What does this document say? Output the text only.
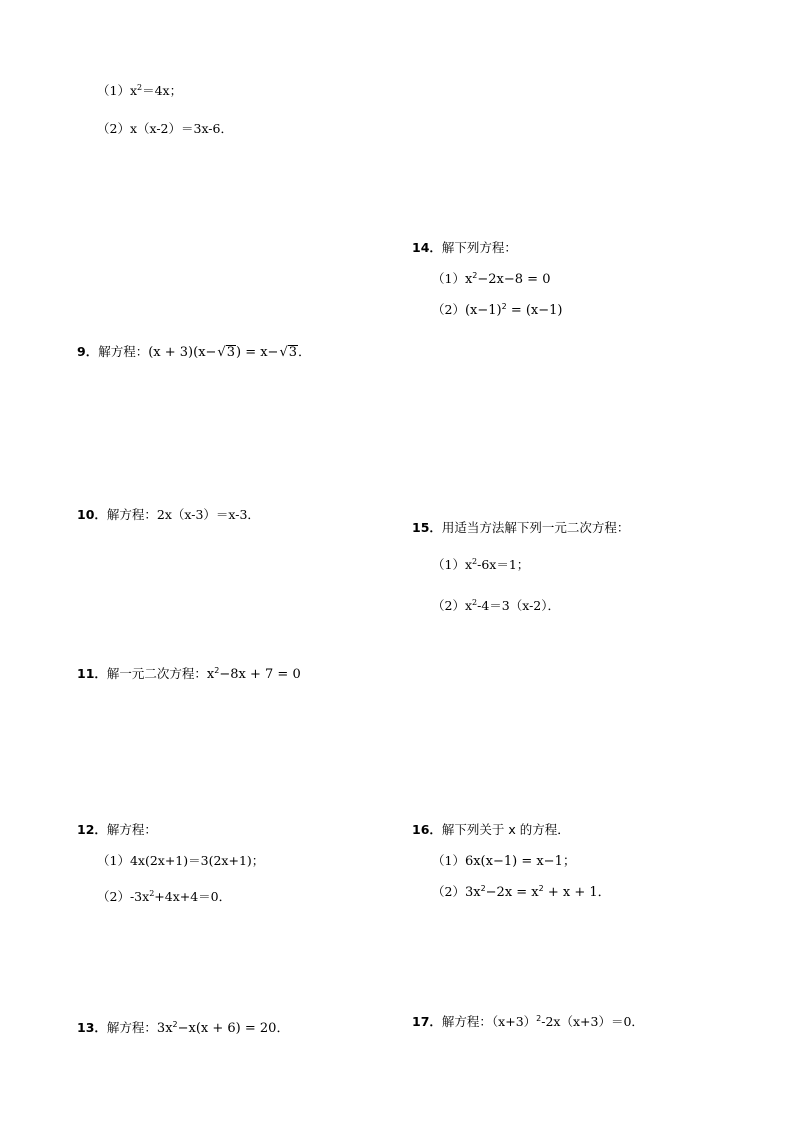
$(1)x^2=4x$；
（2）x（x-2）＝3x-6．
9．解方程：(x + 3)(x−√3) = x−√3．
10．解方程：2x（x-3）＝x-3．
11．解一元二次方程：$x^2-8x + 7 = 0$
12．解方程：
（1）4x(2x+1)＝3(2x+1)；
$(2)-3x^2+4x+4=0$．
13．解方程：$3x^2-x(x + 6) = 20$．
14．解下列方程：
$(1)x^2-2x-8 = 0$
$(2)(x-1)^2 = (x-1)$
15．用适当方法解下列一元二次方程：
$(1)x^2-6x=1$；
$(2)x^2-4=3(x-2)$．
16．解下列关于 x 的方程．
（1）6x(x−1) = x−1；
$(2)3x^2-2x = x^2 + x + 1$．
17．解方程：$(x+3)^2-2x(x+3)=0$．
